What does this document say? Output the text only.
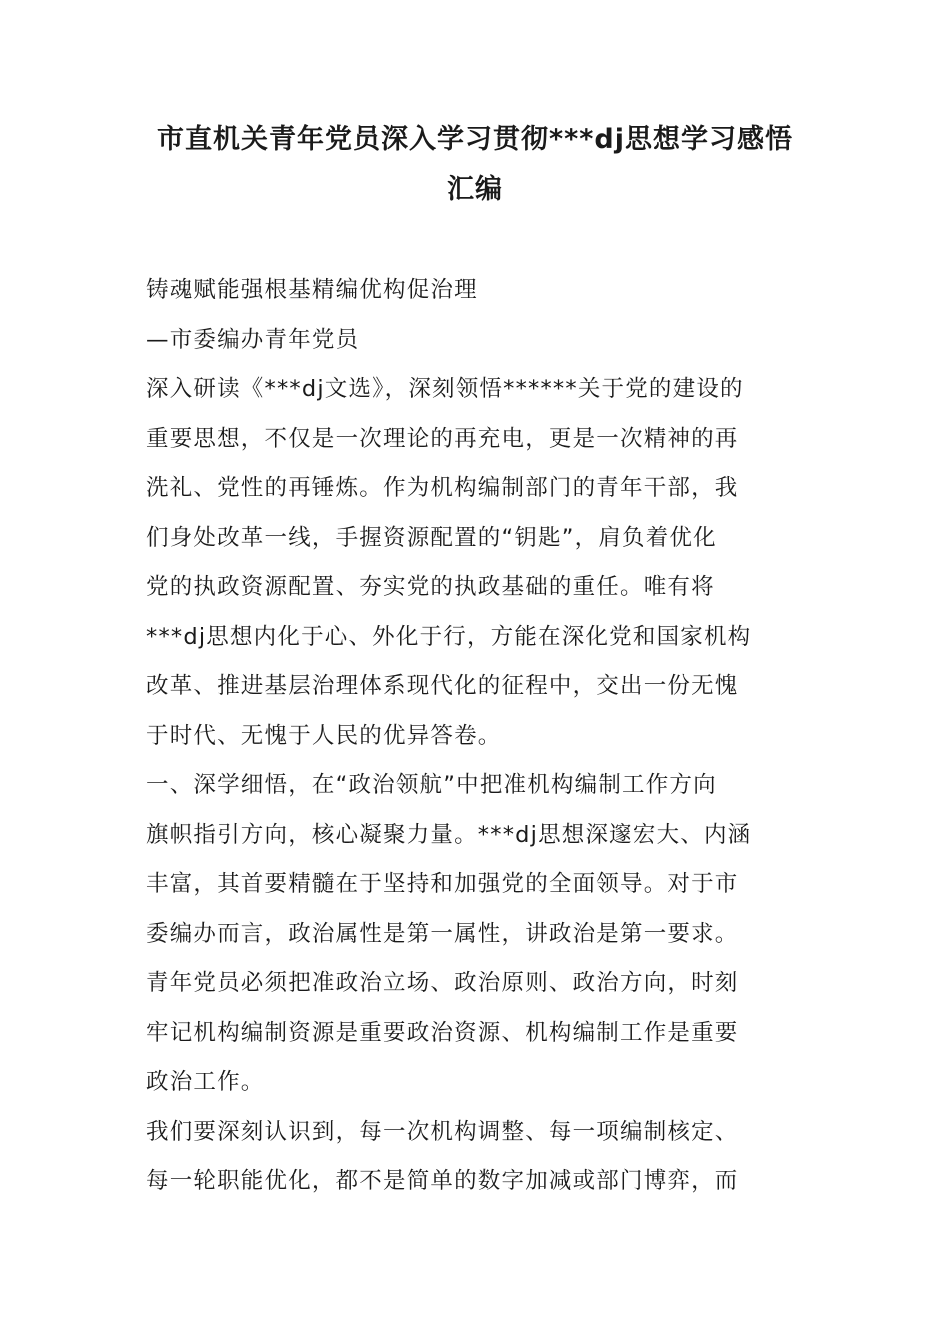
市直机关青年党员深入学习贯彻***dj思想学习感悟
汇编

铸魂赋能强根基精编优构促治理

—市委编办青年党员

深入研读《***dj文选》，深刻领悟******关于党的建设的
重要思想，不仅是一次理论的再充电，更是一次精神的再
洗礼、党性的再锤炼。作为机构编制部门的青年干部，我
们身处改革一线，手握资源配置的“钥匙”，肩负着优化
党的执政资源配置、夯实党的执政基础的重任。唯有将
***dj思想内化于心、外化于行，方能在深化党和国家机构
改革、推进基层治理体系现代化的征程中，交出一份无愧
于时代、无愧于人民的优异答卷。

一、深学细悟，在“政治领航”中把准机构编制工作方向

旗帜指引方向，核心凝聚力量。***dj思想深邃宏大、内涵
丰富，其首要精髓在于坚持和加强党的全面领导。对于市
委编办而言，政治属性是第一属性，讲政治是第一要求。
青年党员必须把准政治立场、政治原则、政治方向，时刻
牢记机构编制资源是重要政治资源、机构编制工作是重要
政治工作。

我们要深刻认识到，每一次机构调整、每一项编制核定、
每一轮职能优化，都不是简单的数字加减或部门博弈，而
